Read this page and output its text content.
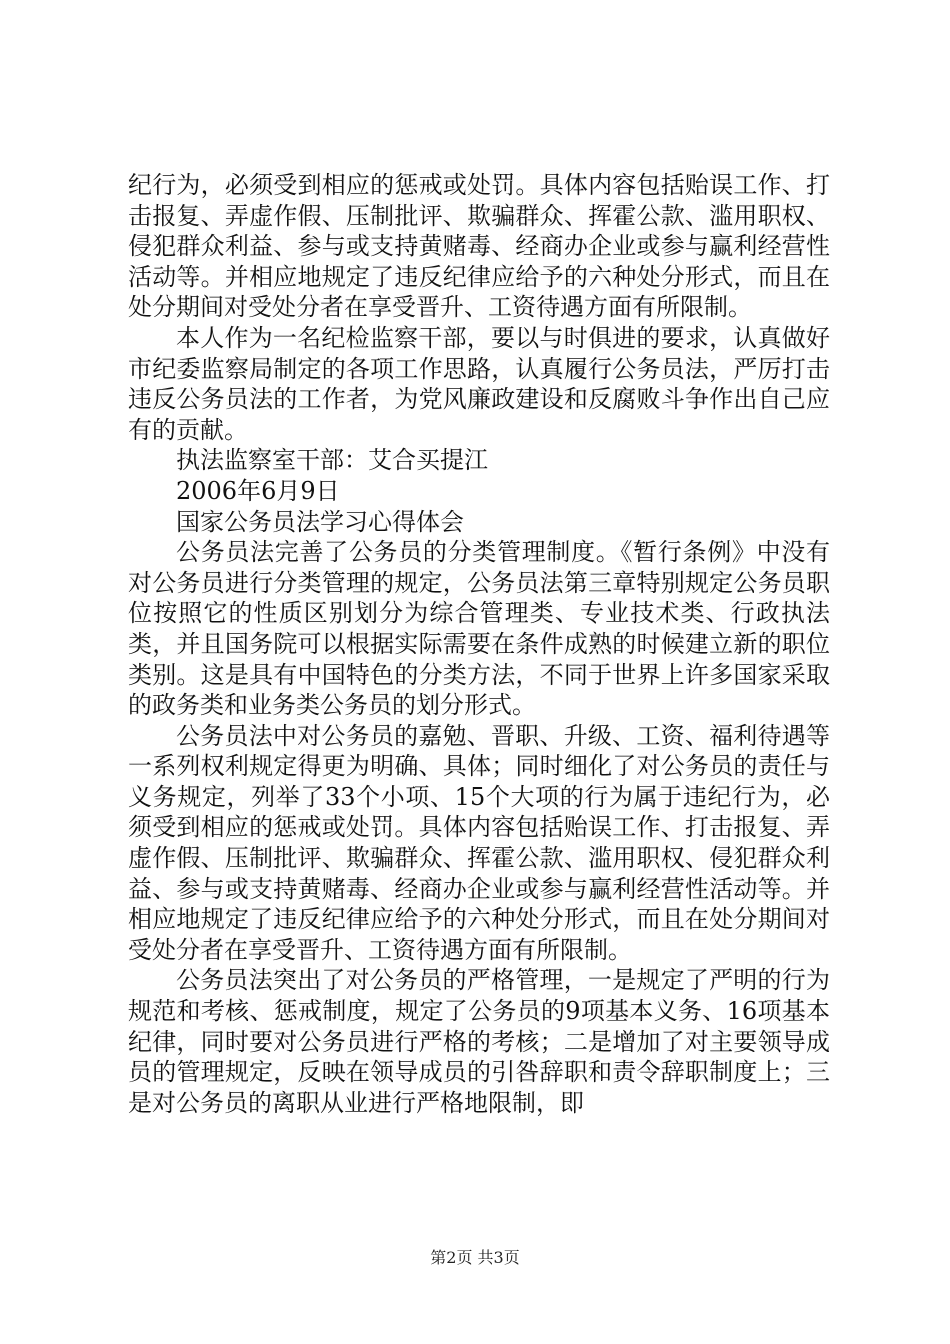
纪行为，必须受到相应的惩戒或处罚。具体内容包括贻误工作、打击报复、弄虚作假、压制批评、欺骗群众、挥霍公款、滥用职权、侵犯群众利益、参与或支持黄赌毒、经商办企业或参与赢利经营性活动等。并相应地规定了违反纪律应给予的六种处分形式，而且在处分期间对受处分者在享受晋升、工资待遇方面有所限制。

本人作为一名纪检监察干部，要以与时俱进的要求，认真做好市纪委监察局制定的各项工作思路，认真履行公务员法，严厉打击违反公务员法的工作者，为党风廉政建设和反腐败斗争作出自己应有的贡献。

执法监察室干部：艾合买提江

2006年6月9日

国家公务员法学习心得体会

公务员法完善了公务员的分类管理制度。《暂行条例》中没有对公务员进行分类管理的规定，公务员法第三章特别规定公务员职位按照它的性质区别划分为综合管理类、专业技术类、行政执法类，并且国务院可以根据实际需要在条件成熟的时候建立新的职位类别。这是具有中国特色的分类方法，不同于世界上许多国家采取的政务类和业务类公务员的划分形式。

公务员法中对公务员的嘉勉、晋职、升级、工资、福利待遇等一系列权利规定得更为明确、具体；同时细化了对公务员的责任与义务规定，列举了33个小项、15个大项的行为属于违纪行为，必须受到相应的惩戒或处罚。具体内容包括贻误工作、打击报复、弄虚作假、压制批评、欺骗群众、挥霍公款、滥用职权、侵犯群众利益、参与或支持黄赌毒、经商办企业或参与赢利经营性活动等。并相应地规定了违反纪律应给予的六种处分形式，而且在处分期间对受处分者在享受晋升、工资待遇方面有所限制。

公务员法突出了对公务员的严格管理，一是规定了严明的行为规范和考核、惩戒制度，规定了公务员的9项基本义务、16项基本纪律，同时要对公务员进行严格的考核；二是增加了对主要领导成员的管理规定，反映在领导成员的引咎辞职和责令辞职制度上；三是对公务员的离职从业进行严格地限制，即

第2页 共3页
